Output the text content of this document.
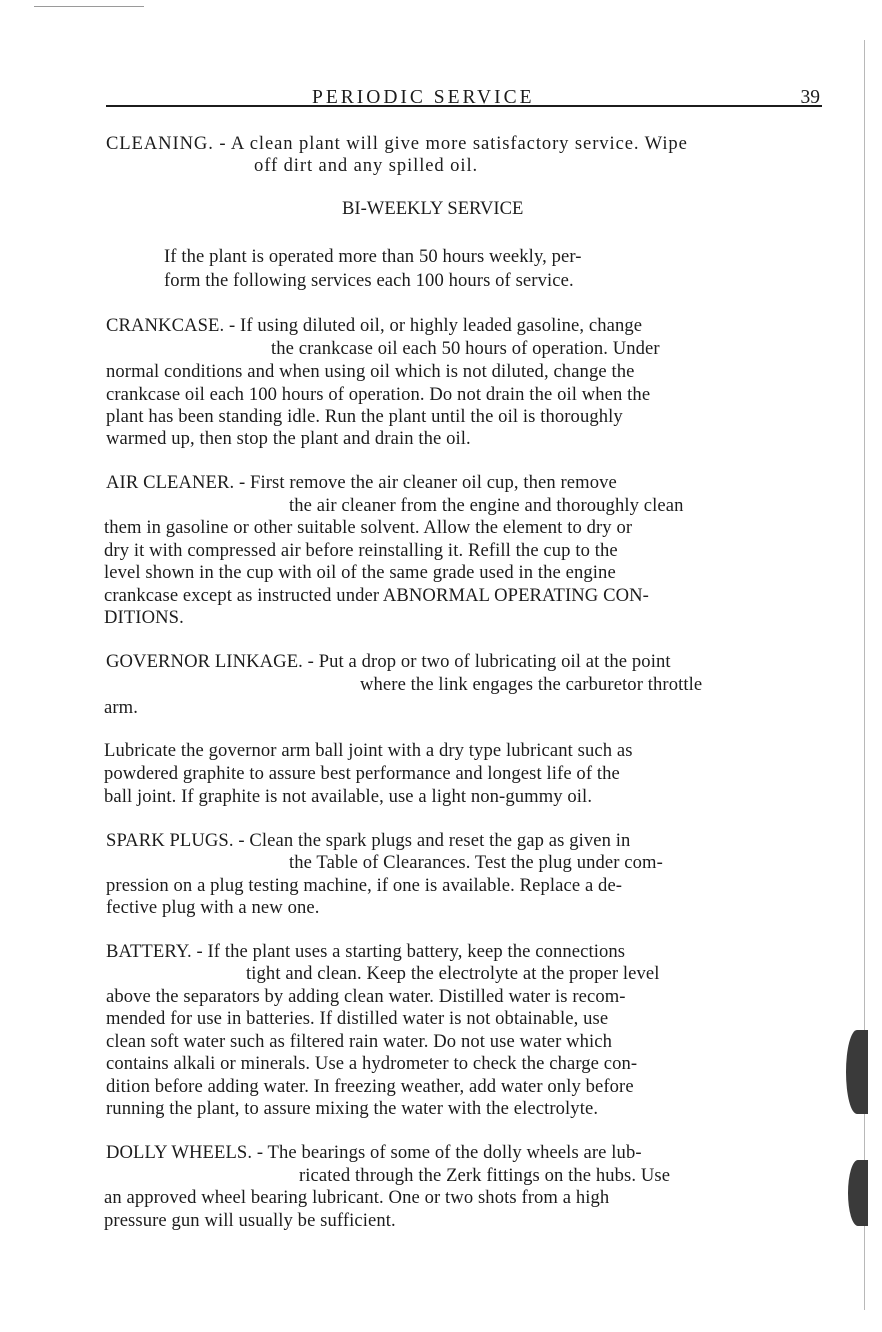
PERIODIC SERVICE	39
CLEANING. - A clean plant will give more satisfactory service. Wipe
off dirt and any spilled oil.
BI-WEEKLY SERVICE
If the plant is operated more than 50 hours weekly, per-
form the following services each 100 hours of service.
CRANKCASE. - If using diluted oil, or highly leaded gasoline, change
the crankcase oil each 50 hours of operation. Under
normal conditions and when using oil which is not diluted, change the
crankcase oil each 100 hours of operation. Do not drain the oil when the
plant has been standing idle. Run the plant until the oil is thoroughly
warmed up, then stop the plant and drain the oil.
AIR CLEANER. - First remove the air cleaner oil cup, then remove
the air cleaner from the engine and thoroughly clean
them in gasoline or other suitable solvent. Allow the element to dry or
dry it with compressed air before reinstalling it. Refill the cup to the
level shown in the cup with oil of the same grade used in the engine
crankcase except as instructed under ABNORMAL OPERATING CON-
DITIONS.
GOVERNOR LINKAGE. - Put a drop or two of lubricating oil at the point
where the link engages the carburetor throttle
arm.
Lubricate the governor arm ball joint with a dry type lubricant such as
powdered graphite to assure best performance and longest life of the
ball joint. If graphite is not available, use a light non-gummy oil.
SPARK PLUGS. - Clean the spark plugs and reset the gap as given in
the Table of Clearances. Test the plug under com-
pression on a plug testing machine, if one is available. Replace a de-
fective plug with a new one.
BATTERY. - If the plant uses a starting battery, keep the connections
tight and clean. Keep the electrolyte at the proper level
above the separators by adding clean water. Distilled water is recom-
mended for use in batteries. If distilled water is not obtainable, use
clean soft water such as filtered rain water. Do not use water which
contains alkali or minerals. Use a hydrometer to check the charge con-
dition before adding water. In freezing weather, add water only before
running the plant, to assure mixing the water with the electrolyte.
DOLLY WHEELS. - The bearings of some of the dolly wheels are lub-
ricated through the Zerk fittings on the hubs. Use
an approved wheel bearing lubricant. One or two shots from a high
pressure gun will usually be sufficient.
